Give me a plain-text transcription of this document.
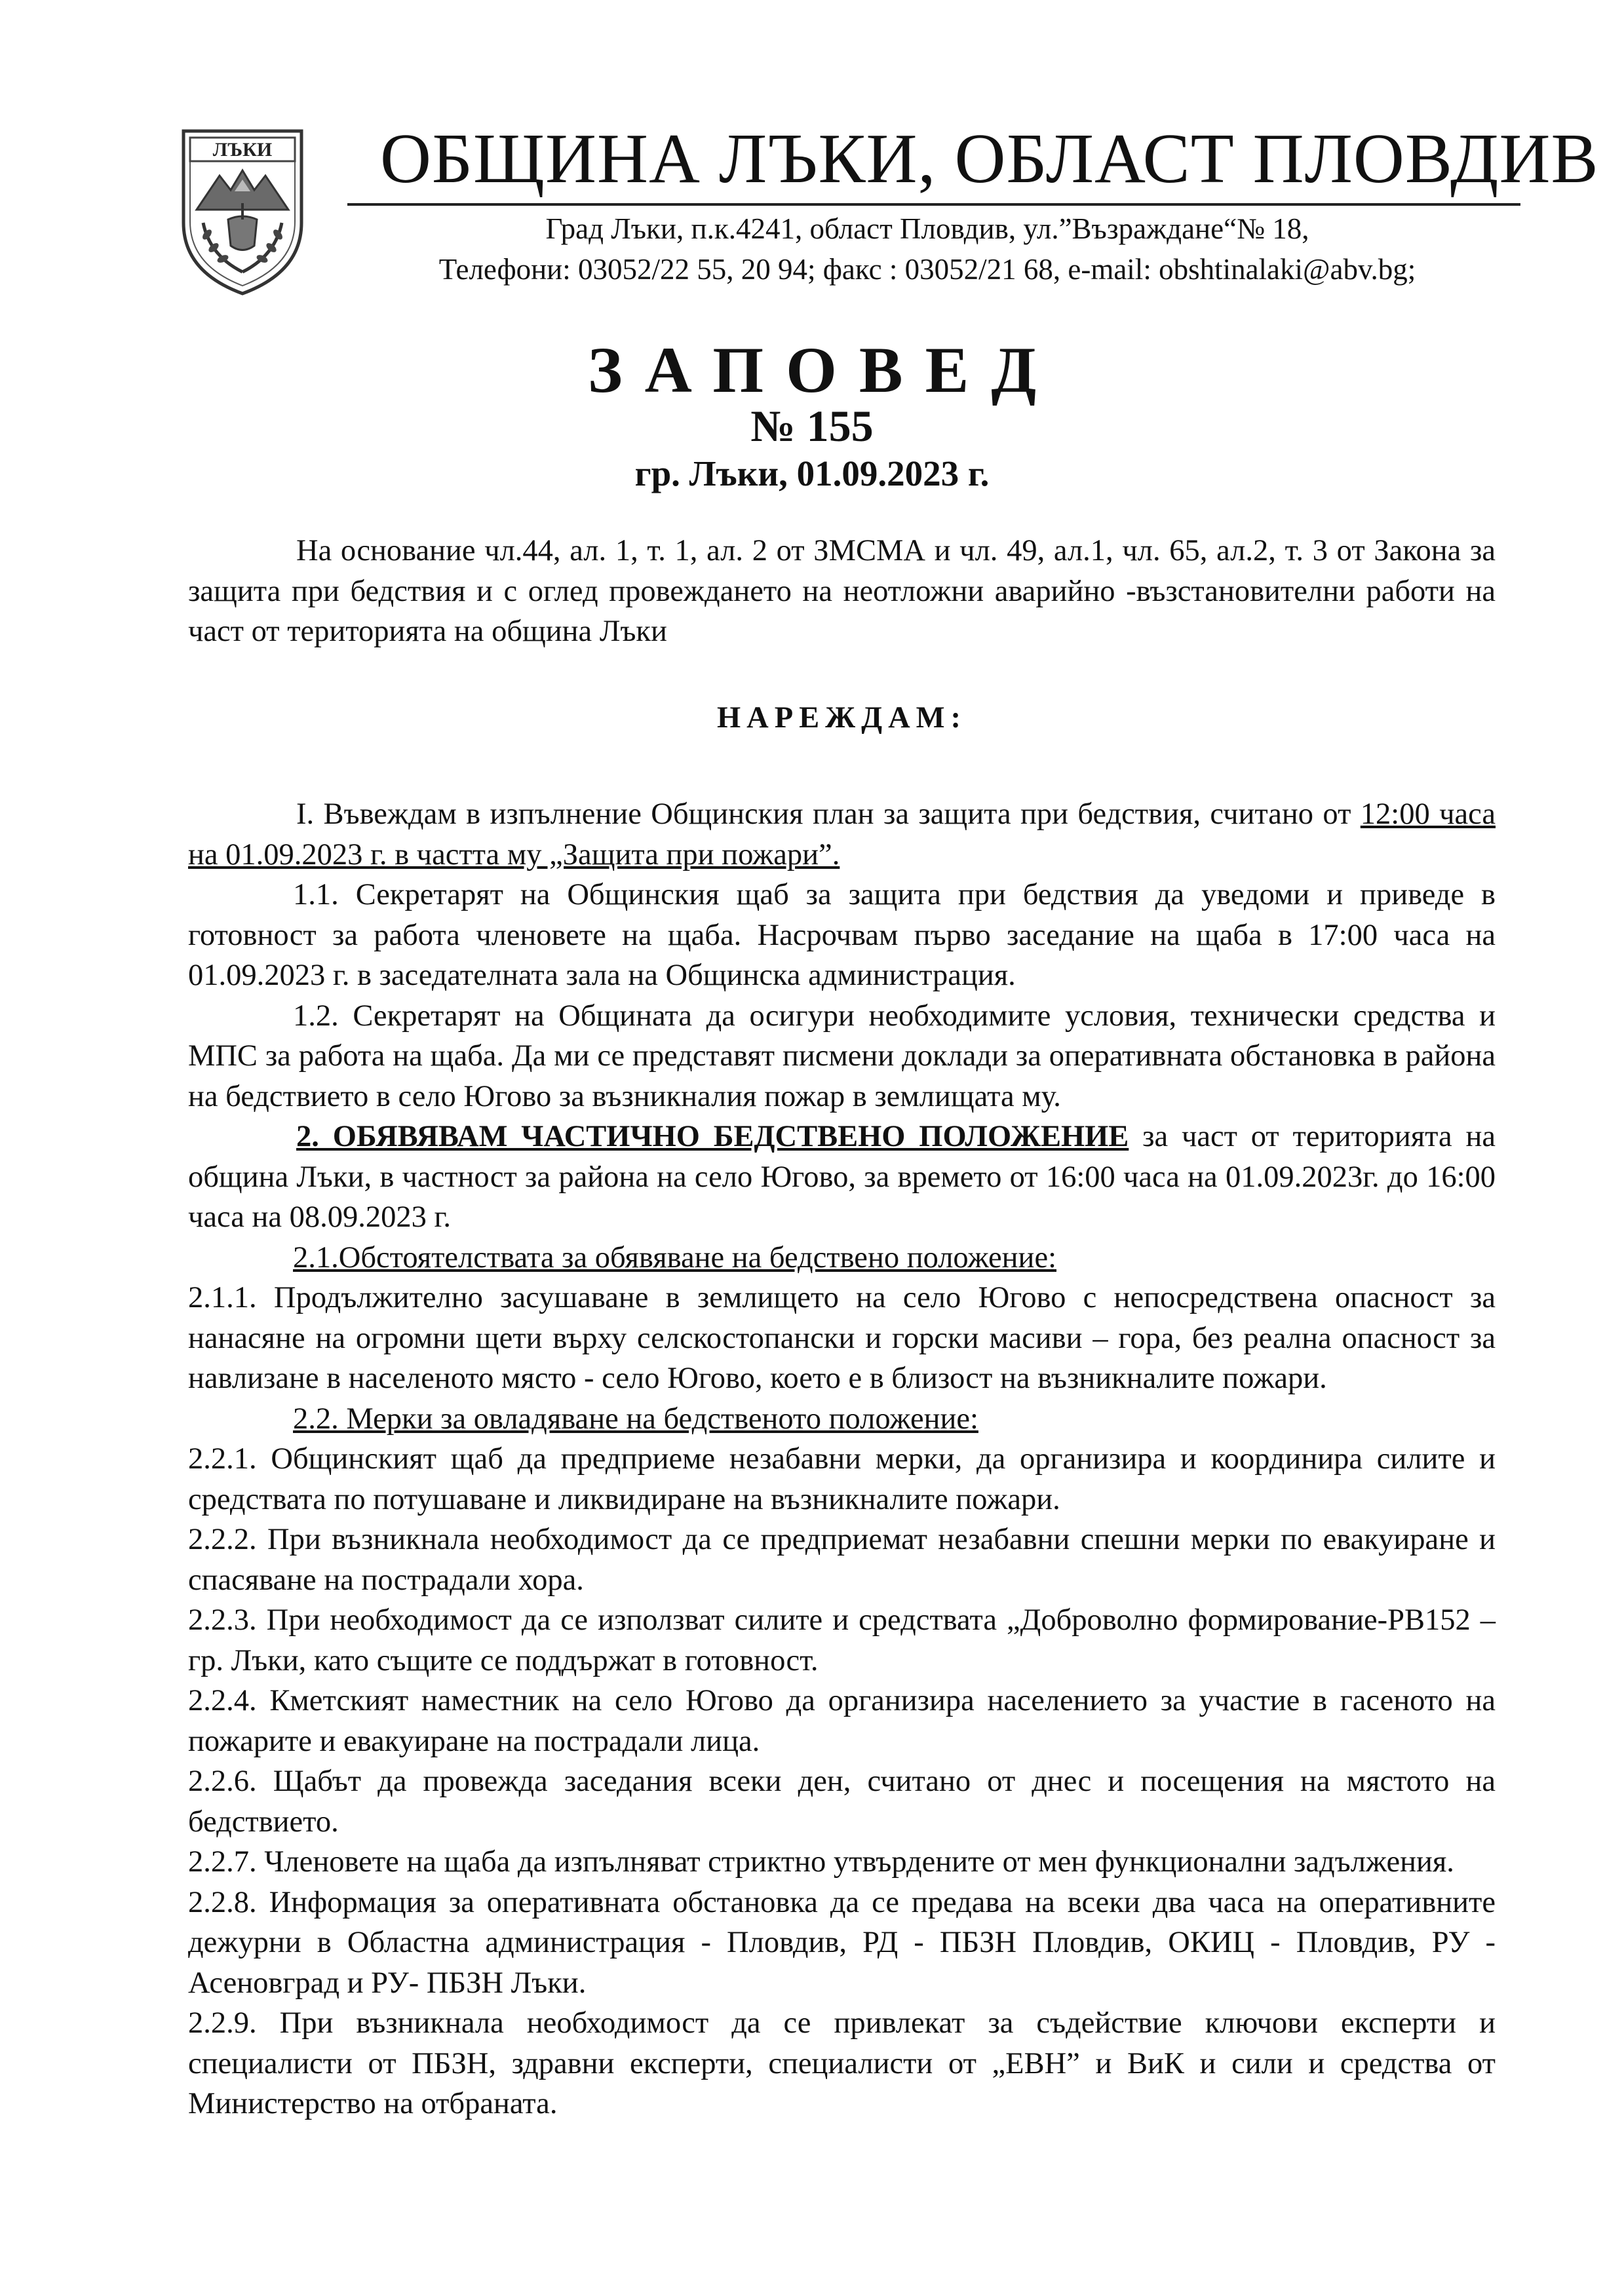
ЛЪКИ ОБЩИНА ЛЪКИ, ОБЛАСТ ПЛОВДИВ
Град Лъки, п.к.4241, област Пловдив, ул.”Възраждане“№ 18,
Телефони: 03052/22 55, 20 94; факс : 03052/21 68, e-mail: obshtinalaki@abv.bg;
ЗАПОВЕД
№ 155
гр. Лъки, 01.09.2023 г.

На основание чл.44, ал. 1, т. 1, ал. 2 от ЗМСМА и чл. 49, ал.1, чл. 65, ал.2, т. 3 от Закона за защита при бедствия и с оглед провеждането на неотложни аварийно -възстановителни работи на част от територията на община Лъки

НАРЕЖДАМ:

І. Въвеждам в изпълнение Общинския план за защита при бедствия, считано от 12:00 часа на 01.09.2023 г. в частта му „Защита при пожари”.

1.1. Секретарят на Общинския щаб за защита при бедствия да уведоми и приведе в готовност за работа членовете на щаба. Насрочвам първо заседание на щаба в 17:00 часа на 01.09.2023 г. в заседателната зала на Общинска администрация.

1.2. Секретарят на Общината да осигури необходимите условия, технически средства и МПС за работа на щаба. Да ми се представят писмени доклади за оперативната обстановка в района на бедствието в село Югово за възникналия пожар в землищата му.

2. ОБЯВЯВАМ ЧАСТИЧНО БЕДСТВЕНО ПОЛОЖЕНИЕ за част от територията на община Лъки, в частност за района на село Югово, за времето от 16:00 часа на 01.09.2023г. до 16:00 часа на 08.09.2023 г.

2.1.Обстоятелствата за обявяване на бедствено положение:

2.1.1. Продължително засушаване в землището на село Югово с непосредствена опасност за нанасяне на огромни щети върху селскостопански и горски масиви – гора, без реална опасност за навлизане в населеното място - село Югово, което е в близост на възникналите пожари.

2.2. Мерки за овладяване на бедственото положение:

2.2.1. Общинският щаб да предприеме незабавни мерки, да организира и координира силите и средствата по потушаване и ликвидиране на възникналите пожари.

2.2.2. При възникнала необходимост да се предприемат незабавни спешни мерки по евакуиране и спасяване на пострадали хора.

2.2.3. При необходимост да се използват силите и средствата „Доброволно формирование-РВ152 – гр. Лъки, като същите се поддържат в готовност.

2.2.4. Кметският наместник на село Югово да организира населението за участие в гасеното на пожарите и евакуиране на пострадали лица.

2.2.6. Щабът да провежда заседания всеки ден, считано от днес и посещения на мястото на бедствието.

2.2.7. Членовете на щаба да изпълняват стриктно утвърдените от мен функционални задължения.

2.2.8. Информация за оперативната обстановка да се предава на всеки два часа на оперативните дежурни в Областна администрация - Пловдив, РД - ПБЗН Пловдив, ОКИЦ - Пловдив, РУ - Асеновград и РУ- ПБЗН Лъки.

2.2.9. При възникнала необходимост да се привлекат за съдействие ключови експерти и специалисти от ПБЗН, здравни експерти, специалисти от „ЕВН” и ВиК и сили и средства от Министерство на отбраната.
